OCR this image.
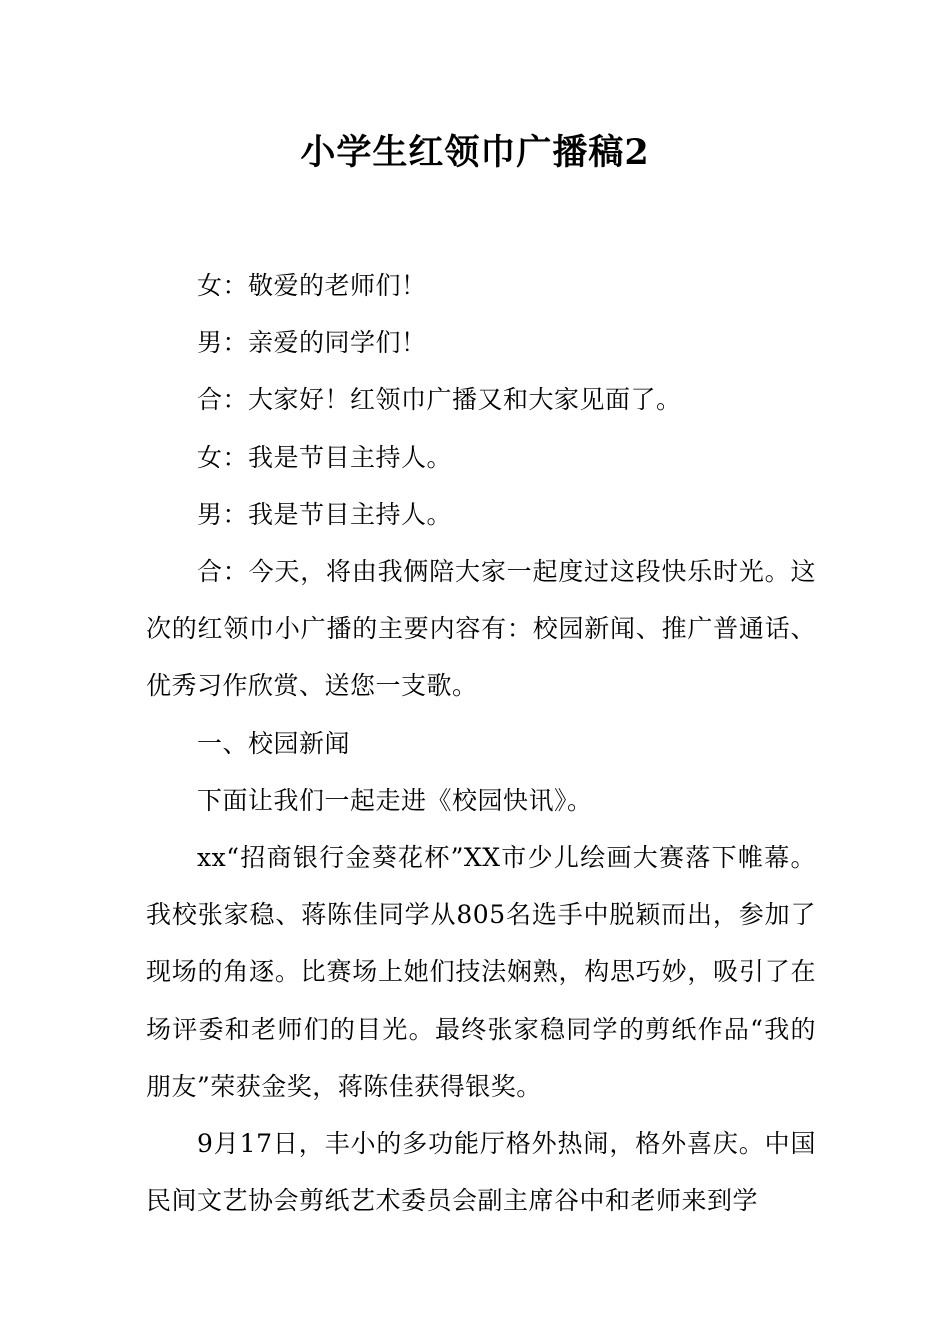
小学生红领巾广播稿2

女：敬爱的老师们！

男：亲爱的同学们！

合：大家好！红领巾广播又和大家见面了。

女：我是节目主持人。

男：我是节目主持人。

合：今天，将由我俩陪大家一起度过这段快乐时光。这次的红领巾小广播的主要内容有：校园新闻、推广普通话、优秀习作欣赏、送您一支歌。

一、校园新闻

下面让我们一起走进《校园快讯》。

xx“招商银行金葵花杯”XX市少儿绘画大赛落下帷幕。我校张家稳、蒋陈佳同学从805名选手中脱颖而出，参加了现场的角逐。比赛场上她们技法娴熟，构思巧妙，吸引了在场评委和老师们的目光。最终张家稳同学的剪纸作品“我的朋友”荣获金奖，蒋陈佳获得银奖。

9月17日，丰小的多功能厅格外热闹，格外喜庆。中国民间文艺协会剪纸艺术委员会副主席谷中和老师来到学
